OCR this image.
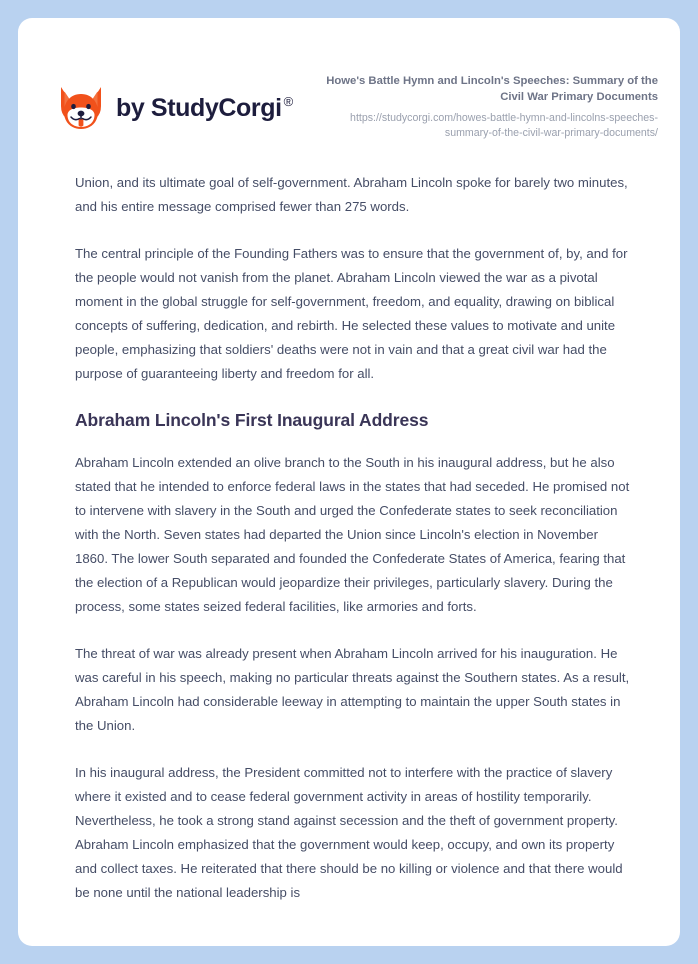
by StudyCorgi ®

Howe's Battle Hymn and Lincoln's Speeches: Summary of the Civil War Primary Documents

https://studycorgi.com/howes-battle-hymn-and-lincolns-speeches-summary-of-the-civil-war-primary-documents/

Union, and its ultimate goal of self-government. Abraham Lincoln spoke for barely two minutes, and his entire message comprised fewer than 275 words.

The central principle of the Founding Fathers was to ensure that the government of, by, and for the people would not vanish from the planet. Abraham Lincoln viewed the war as a pivotal moment in the global struggle for self-government, freedom, and equality, drawing on biblical concepts of suffering, dedication, and rebirth. He selected these values to motivate and unite people, emphasizing that soldiers' deaths were not in vain and that a great civil war had the purpose of guaranteeing liberty and freedom for all.

Abraham Lincoln's First Inaugural Address

Abraham Lincoln extended an olive branch to the South in his inaugural address, but he also stated that he intended to enforce federal laws in the states that had seceded. He promised not to intervene with slavery in the South and urged the Confederate states to seek reconciliation with the North. Seven states had departed the Union since Lincoln's election in November 1860. The lower South separated and founded the Confederate States of America, fearing that the election of a Republican would jeopardize their privileges, particularly slavery. During the process, some states seized federal facilities, like armories and forts.

The threat of war was already present when Abraham Lincoln arrived for his inauguration. He was careful in his speech, making no particular threats against the Southern states. As a result, Abraham Lincoln had considerable leeway in attempting to maintain the upper South states in the Union.

In his inaugural address, the President committed not to interfere with the practice of slavery where it existed and to cease federal government activity in areas of hostility temporarily. Nevertheless, he took a strong stand against secession and the theft of government property. Abraham Lincoln emphasized that the government would keep, occupy, and own its property and collect taxes. He reiterated that there should be no killing or violence and that there would be none until the national leadership is
